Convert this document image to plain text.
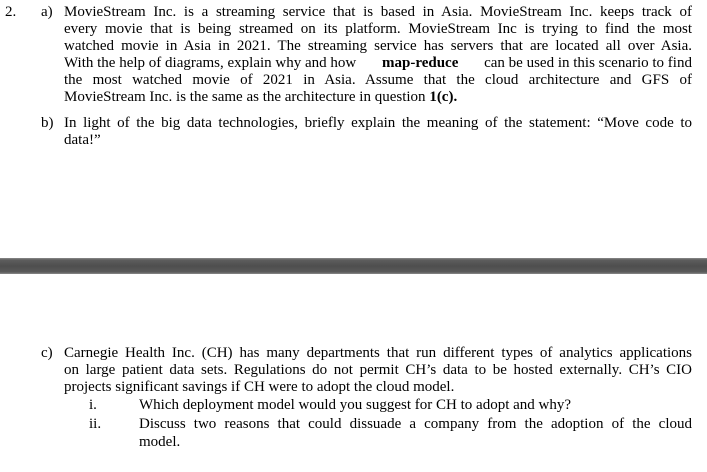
2. a) MovieStream Inc. is a streaming service that is based in Asia. MovieStream Inc. keeps track of
every movie that is being streamed on its platform. MovieStream Inc is trying to find the most
watched movie in Asia in 2021. The streaming service has servers that are located all over Asia.
With the help of diagrams, explain why and how map-reduce can be used in this scenario to find
the most watched movie of 2021 in Asia. Assume that the cloud architecture and GFS of
MovieStream Inc. is the same as the architecture in question 1(c).
b) In light of the big data technologies, briefly explain the meaning of the statement: “Move code to
data!”
c) Carnegie Health Inc. (CH) has many departments that run different types of analytics applications
on large patient data sets. Regulations do not permit CH’s data to be hosted externally. CH’s CIO
projects significant savings if CH were to adopt the cloud model.
i.	Which deployment model would you suggest for CH to adopt and why?
ii.	Discuss two reasons that could dissuade a company from the adoption of the cloud
model.
